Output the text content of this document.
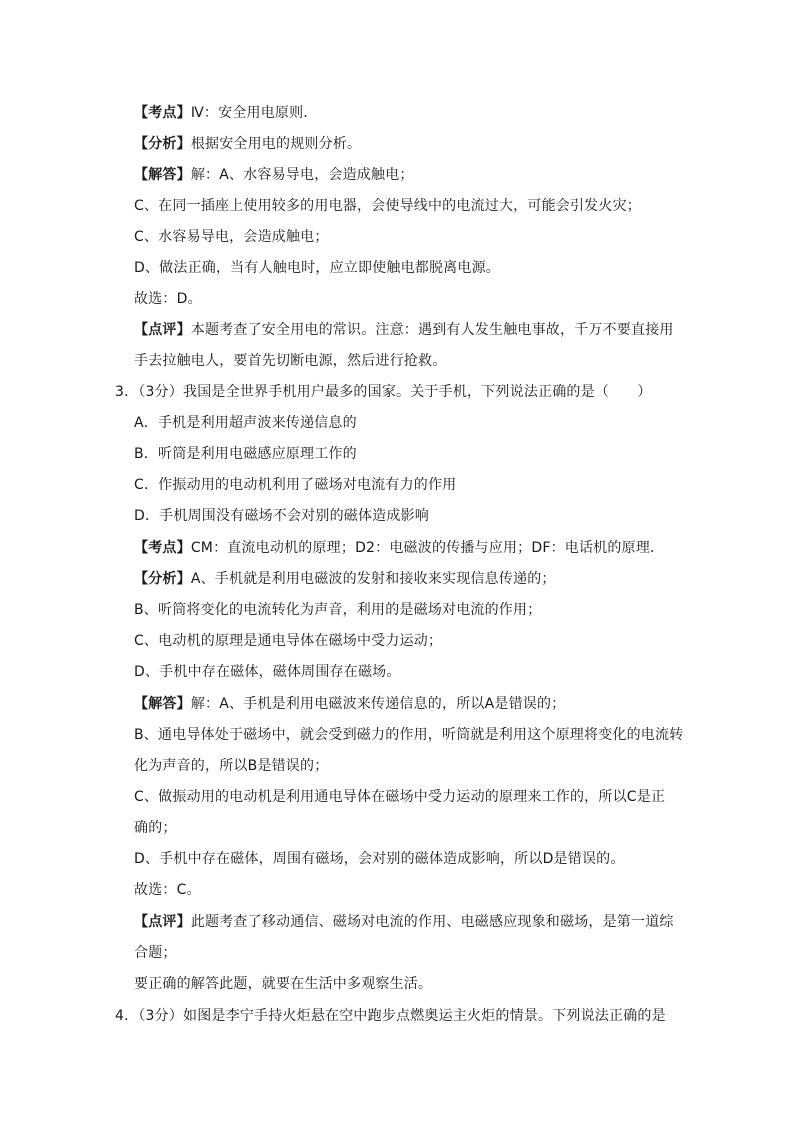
【考点】Ⅳ：安全用电原则．
【分析】根据安全用电的规则分析。
【解答】解：A、水容易导电，会造成触电；
C、在同一插座上使用较多的用电器，会使导线中的电流过大，可能会引发火灾；
C、水容易导电，会造成触电；
D、做法正确，当有人触电时，应立即使触电都脱离电源。
故选：D。
【点评】本题考查了安全用电的常识。注意：遇到有人发生触电事故，千万不要直接用
手去拉触电人，要首先切断电源，然后进行抢救。
3．（3分）我国是全世界手机用户最多的国家。关于手机，下列说法正确的是（　　）
A．手机是利用超声波来传递信息的
B．听筒是利用电磁感应原理工作的
C．作振动用的电动机利用了磁场对电流有力的作用
D．手机周围没有磁场不会对别的磁体造成影响
【考点】CM：直流电动机的原理；D2：电磁波的传播与应用；DF：电话机的原理．
【分析】A、手机就是利用电磁波的发射和接收来实现信息传递的；
B、听筒将变化的电流转化为声音，利用的是磁场对电流的作用；
C、电动机的原理是通电导体在磁场中受力运动；
D、手机中存在磁体，磁体周围存在磁场。
【解答】解：A、手机是利用电磁波来传递信息的，所以A是错误的；
B、通电导体处于磁场中，就会受到磁力的作用，听筒就是利用这个原理将变化的电流转
化为声音的，所以B是错误的；
C、做振动用的电动机是利用通电导体在磁场中受力运动的原理来工作的，所以C是正
确的；
D、手机中存在磁体，周围有磁场，会对别的磁体造成影响，所以D是错误的。
故选：C。
【点评】此题考查了移动通信、磁场对电流的作用、电磁感应现象和磁场，是第一道综
合题；
要正确的解答此题，就要在生活中多观察生活。
4．（3分）如图是李宁手持火炬悬在空中跑步点燃奥运主火炬的情景。下列说法正确的是
